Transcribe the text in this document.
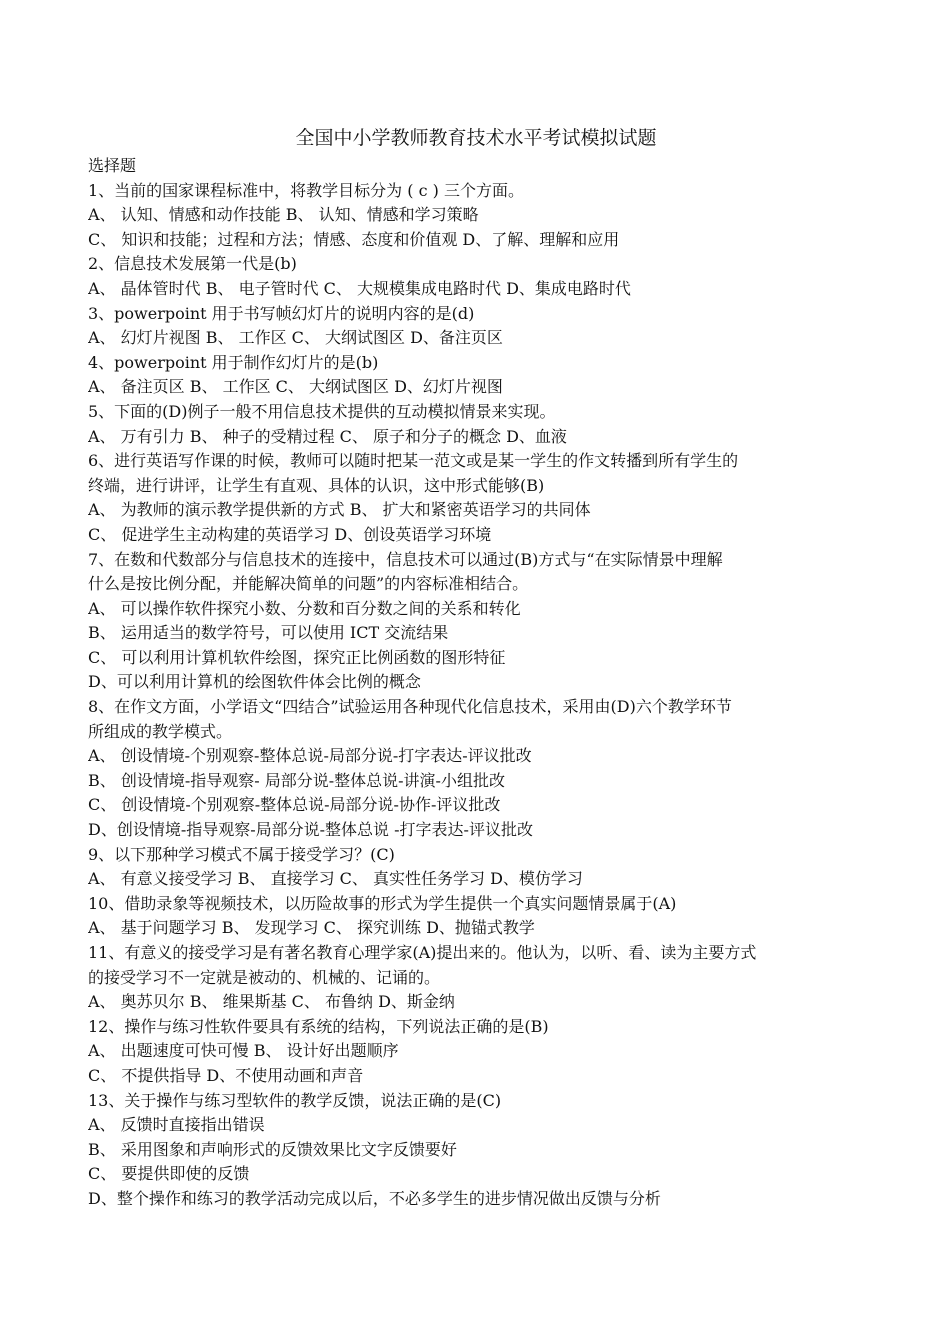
全国中小学教师教育技术水平考试模拟试题
选择题
1、当前的国家课程标准中，将教学目标分为 ( c ) 三个方面。
A、 认知、情感和动作技能 B、 认知、情感和学习策略
C、 知识和技能；过程和方法；情感、态度和价值观 D、了解、理解和应用
2、信息技术发展第一代是(b)
A、 晶体管时代 B、 电子管时代 C、 大规模集成电路时代 D、集成电路时代
3、powerpoint 用于书写帧幻灯片的说明内容的是(d)
A、 幻灯片视图 B、 工作区 C、 大纲试图区 D、备注页区
4、powerpoint 用于制作幻灯片的是(b)
A、 备注页区 B、 工作区 C、 大纲试图区 D、幻灯片视图
5、下面的(D)例子一般不用信息技术提供的互动模拟情景来实现。
A、 万有引力 B、 种子的受精过程 C、 原子和分子的概念 D、血液
6、进行英语写作课的时候，教师可以随时把某一范文或是某一学生的作文转播到所有学生的
终端，进行讲评，让学生有直观、具体的认识，这中形式能够(B)
A、 为教师的演示教学提供新的方式 B、 扩大和紧密英语学习的共同体
C、 促进学生主动构建的英语学习 D、创设英语学习环境
7、在数和代数部分与信息技术的连接中，信息技术可以通过(B)方式与“在实际情景中理解
什么是按比例分配，并能解决简单的问题”的内容标准相结合。
A、 可以操作软件探究小数、分数和百分数之间的关系和转化
B、 运用适当的数学符号，可以使用 ICT 交流结果
C、 可以利用计算机软件绘图，探究正比例函数的图形特征
D、可以利用计算机的绘图软件体会比例的概念
8、在作文方面，小学语文“四结合”试验运用各种现代化信息技术，采用由(D)六个教学环节
所组成的教学模式。
A、 创设情境-个别观察-整体总说-局部分说-打字表达-评议批改
B、 创设情境-指导观察- 局部分说-整体总说-讲演-小组批改
C、 创设情境-个别观察-整体总说-局部分说-协作-评议批改
D、创设情境-指导观察-局部分说-整体总说 -打字表达-评议批改
9、以下那种学习模式不属于接受学习？(C)
A、 有意义接受学习 B、 直接学习 C、 真实性任务学习 D、模仿学习
10、借助录象等视频技术，以历险故事的形式为学生提供一个真实问题情景属于(A)
A、 基于问题学习 B、 发现学习 C、 探究训练 D、抛锚式教学
11、有意义的接受学习是有著名教育心理学家(A)提出来的。他认为，以听、看、读为主要方式
的接受学习不一定就是被动的、机械的、记诵的。
A、 奥苏贝尔 B、 维果斯基 C、 布鲁纳 D、斯金纳
12、操作与练习性软件要具有系统的结构，下列说法正确的是(B)
A、 出题速度可快可慢 B、 设计好出题顺序
C、 不提供指导 D、不使用动画和声音
13、关于操作与练习型软件的教学反馈，说法正确的是(C)
A、 反馈时直接指出错误
B、 采用图象和声响形式的反馈效果比文字反馈要好
C、 要提供即使的反馈
D、整个操作和练习的教学活动完成以后，不必多学生的进步情况做出反馈与分析
